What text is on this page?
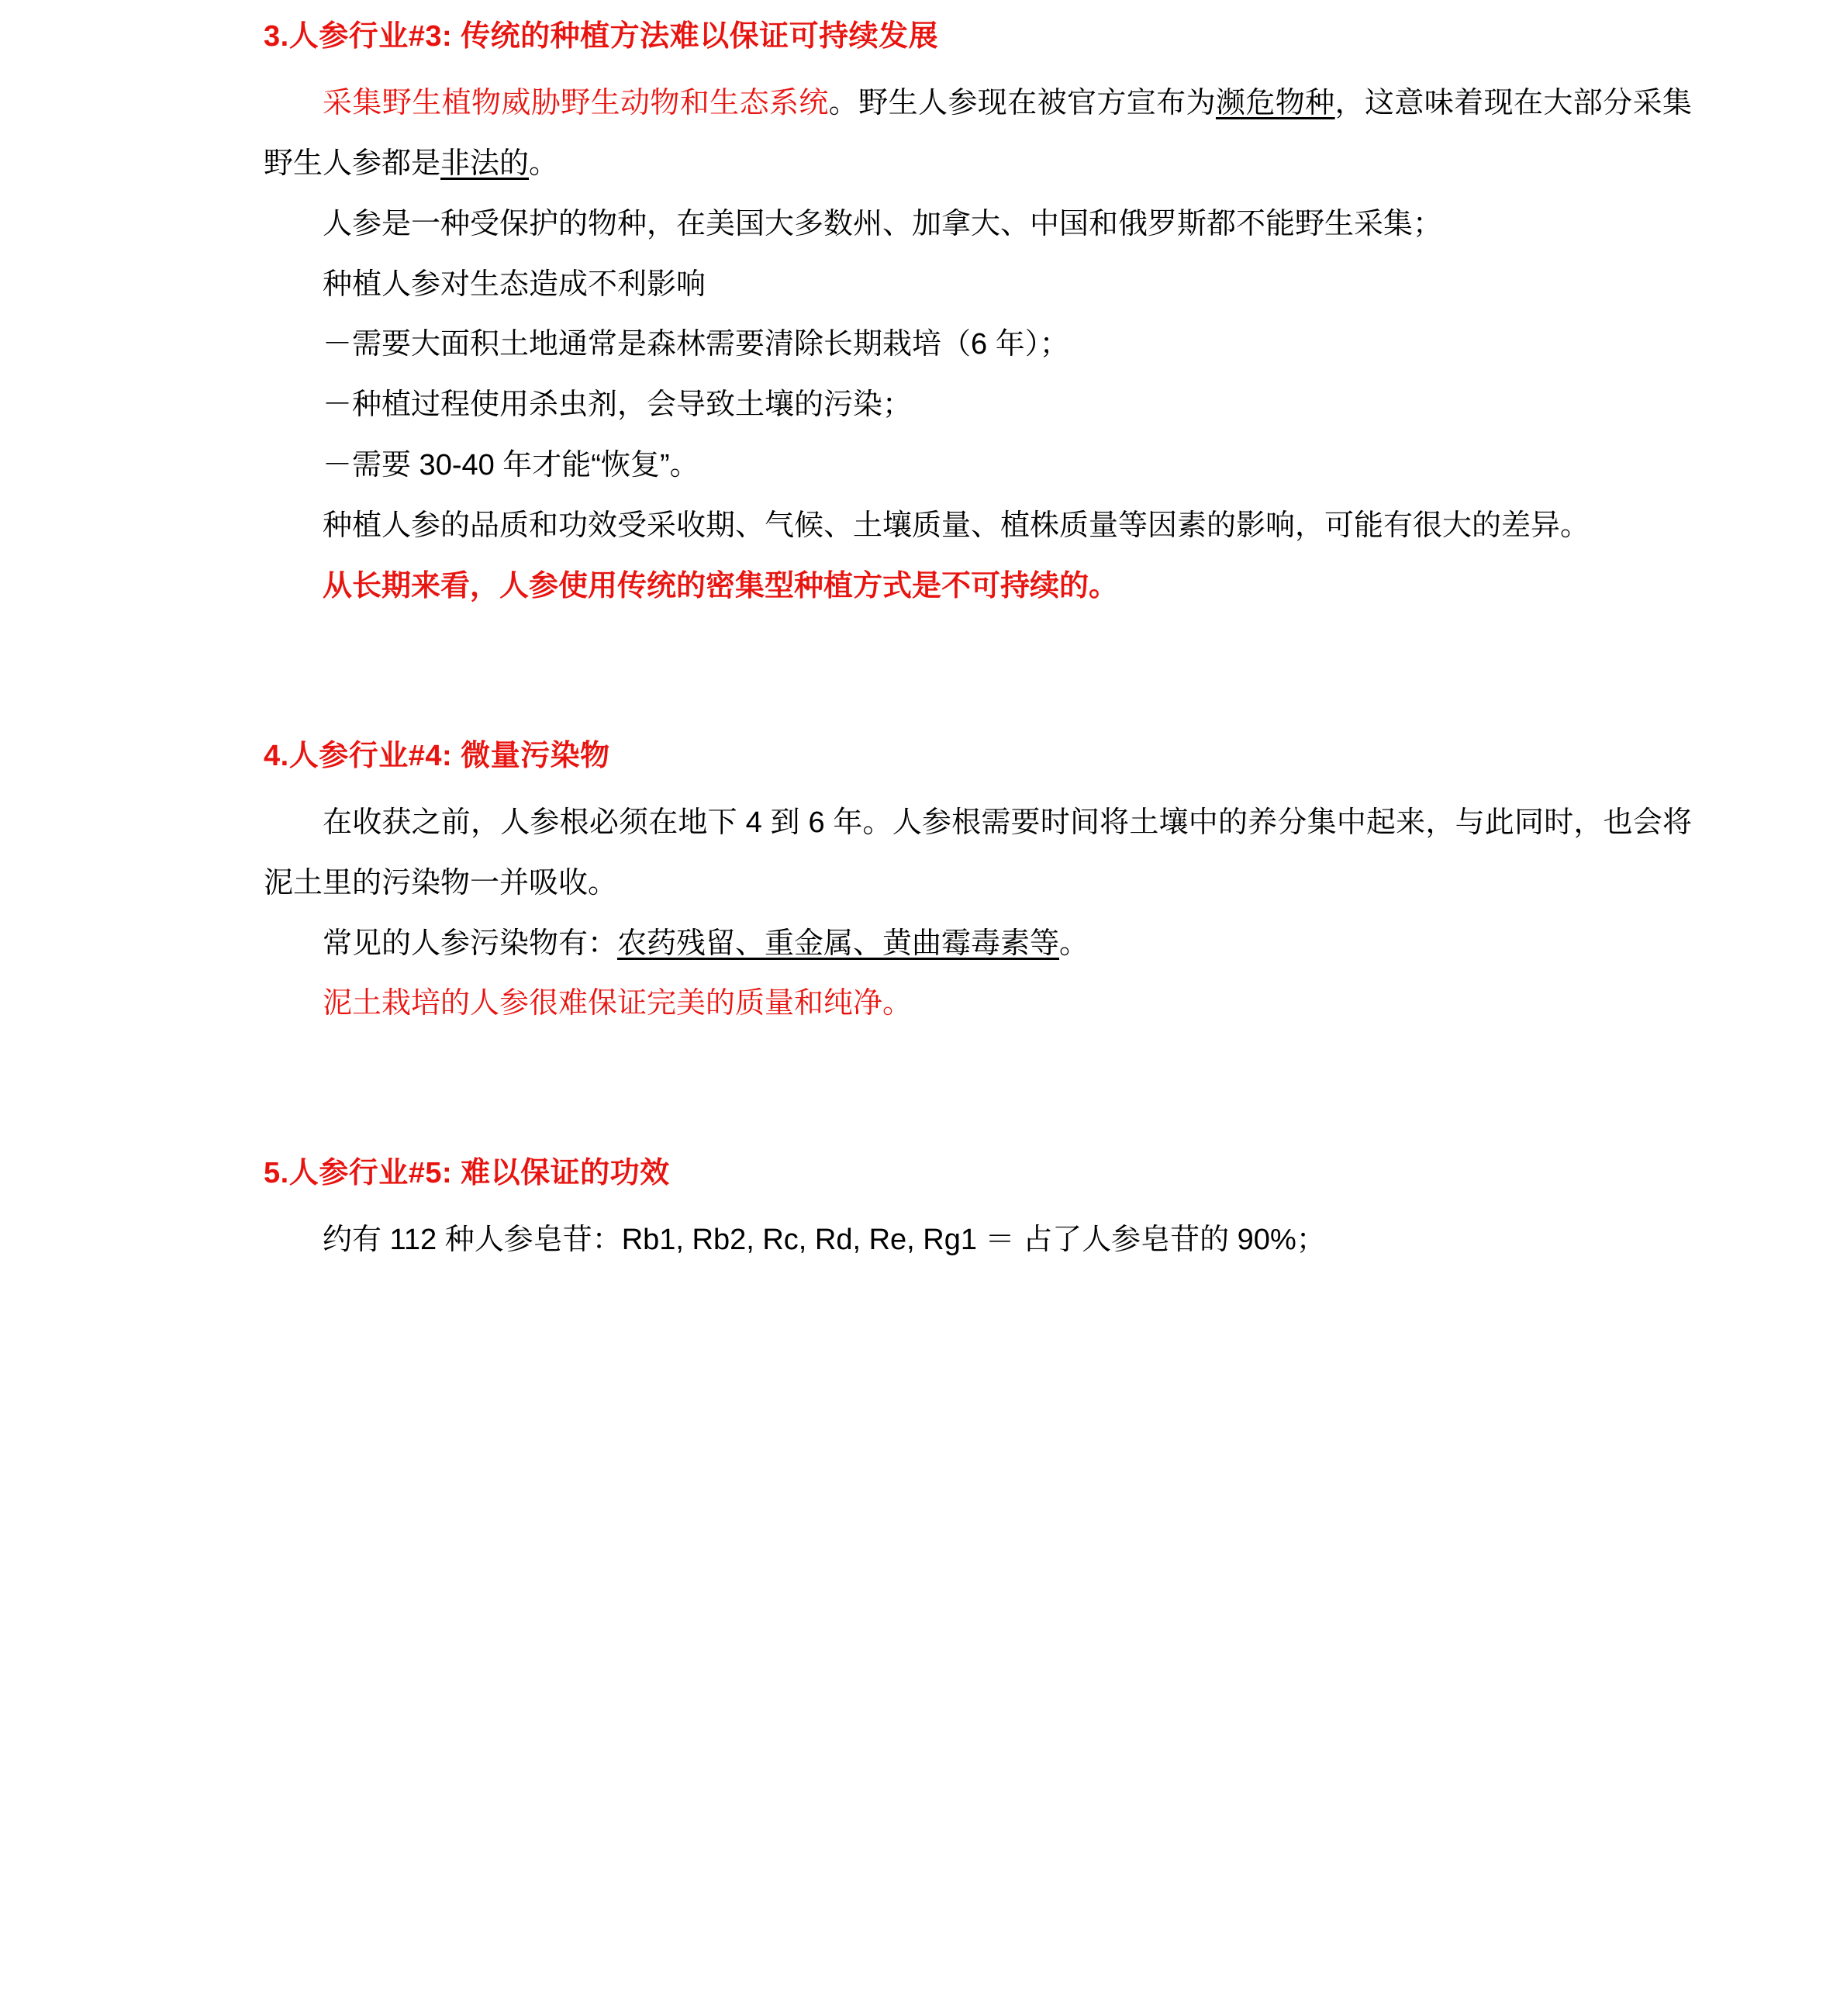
3.人参行业#3: 传统的种植方法难以保证可持续发展

采集野生植物威胁野生动物和生态系统。野生人参现在被官方宣布为濒危物种，这意味着现在大部分采集野生人参都是非法的。

人参是一种受保护的物种，在美国大多数州、加拿大、中国和俄罗斯都不能野生采集；

种植人参对生态造成不利影响

－需要大面积土地通常是森林需要清除长期栽培（6 年）；

－种植过程使用杀虫剂，会导致土壤的污染；

－需要 30-40 年才能“恢复”。

种植人参的品质和功效受采收期、气候、土壤质量、植株质量等因素的影响，可能有很大的差异。

从长期来看，人参使用传统的密集型种植方式是不可持续的。

4.人参行业#4: 微量污染物

在收获之前，人参根必须在地下 4 到 6 年。人参根需要时间将土壤中的养分集中起来，与此同时，也会将泥土里的污染物一并吸收。

常见的人参污染物有：农药残留、重金属、黄曲霉毒素等。

泥土栽培的人参很难保证完美的质量和纯净。

5.人参行业#5: 难以保证的功效

约有 112 种人参皂苷：Rb1, Rb2, Rc, Rd, Re, Rg1 ＝ 占了人参皂苷的 90%；
